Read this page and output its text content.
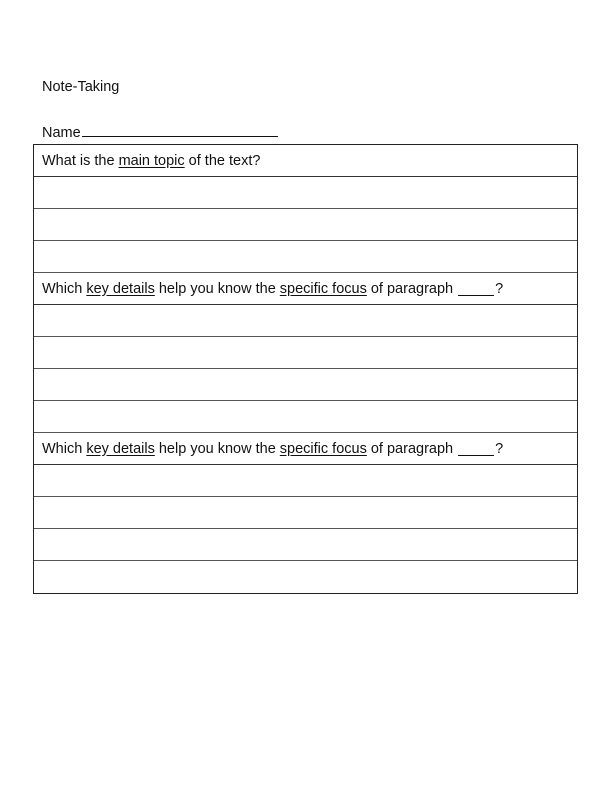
Note-Taking
Name
What is the main topic of the text?
Which key details help you know the specific focus of paragraph	?
Which key details help you know the specific focus of paragraph	?
